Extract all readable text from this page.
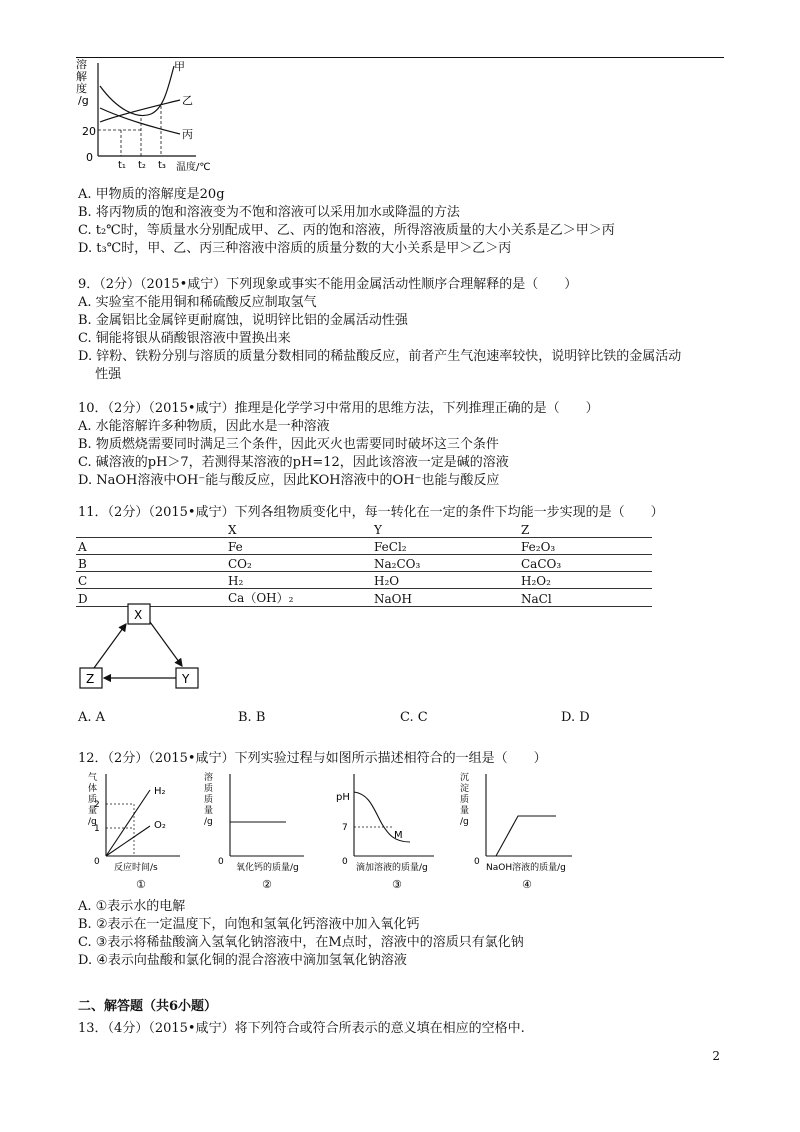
溶
解
度
/g
20
0
t₁ t₂ t₃ 温度/℃
甲
乙
丙
A. 甲物质的溶解度是20g
B. 将丙物质的饱和溶液变为不饱和溶液可以采用加水或降温的方法
C. t₂℃时，等质量水分别配成甲、乙、丙的饱和溶液，所得溶液质量的大小关系是乙＞甲＞丙
D. t₃℃时，甲、乙、丙三种溶液中溶质的质量分数的大小关系是甲＞乙＞丙
9．（2分）（2015•咸宁）下列现象或事实不能用金属活动性顺序合理解释的是（　　）
A. 实验室不能用铜和稀硫酸反应制取氢气
B. 金属铝比金属锌更耐腐蚀，说明锌比铝的金属活动性强
C. 铜能将银从硝酸银溶液中置换出来
D. 锌粉、铁粉分别与溶质的质量分数相同的稀盐酸反应，前者产生气泡速率较快，说明锌比铁的金属活动
　 性强
10．（2分）（2015•咸宁）推理是化学学习中常用的思维方法，下列推理正确的是（　　）
A. 水能溶解许多种物质，因此水是一种溶液
B. 物质燃烧需要同时满足三个条件，因此灭火也需要同时破坏这三个条件
C. 碱溶液的pH＞7，若测得某溶液的pH=12，因此该溶液一定是碱的溶液
D. NaOH溶液中OH⁻能与酸反应，因此KOH溶液中的OH⁻也能与酸反应
11．（2分）（2015•咸宁）下列各组物质变化中，每一转化在一定的条件下均能一步实现的是（　　）
	X	Y	Z
A	Fe	FeCl₂	Fe₂O₃
B	CO₂	Na₂CO₃	CaCO₃
C	H₂	H₂O	H₂O₂
D	Ca（OH）₂	NaOH	NaCl
X
Y
Z
A. A	B. B	C. C	D. D
12．（2分）（2015•咸宁）下列实验过程与如图所示描述相符合的一组是（　　）
气
体
质
量
/g
2
1
0
H₂
O₂
反应时间/s
①
溶
质
质
量
/g
0
氧化钙的质量/g
②
pH
7
0
M
滴加溶液的质量/g
③
沉
淀
质
量
/g
0
NaOH溶液的质量/g
④
A. ①表示水的电解
B. ②表示在一定温度下，向饱和氢氧化钙溶液中加入氧化钙
C. ③表示将稀盐酸滴入氢氧化钠溶液中，在M点时，溶液中的溶质只有氯化钠
D. ④表示向盐酸和氯化铜的混合溶液中滴加氢氧化钠溶液
二、解答题（共6小题）
13．（4分）（2015•咸宁）将下列符合或符合所表示的意义填在相应的空格中.
2
